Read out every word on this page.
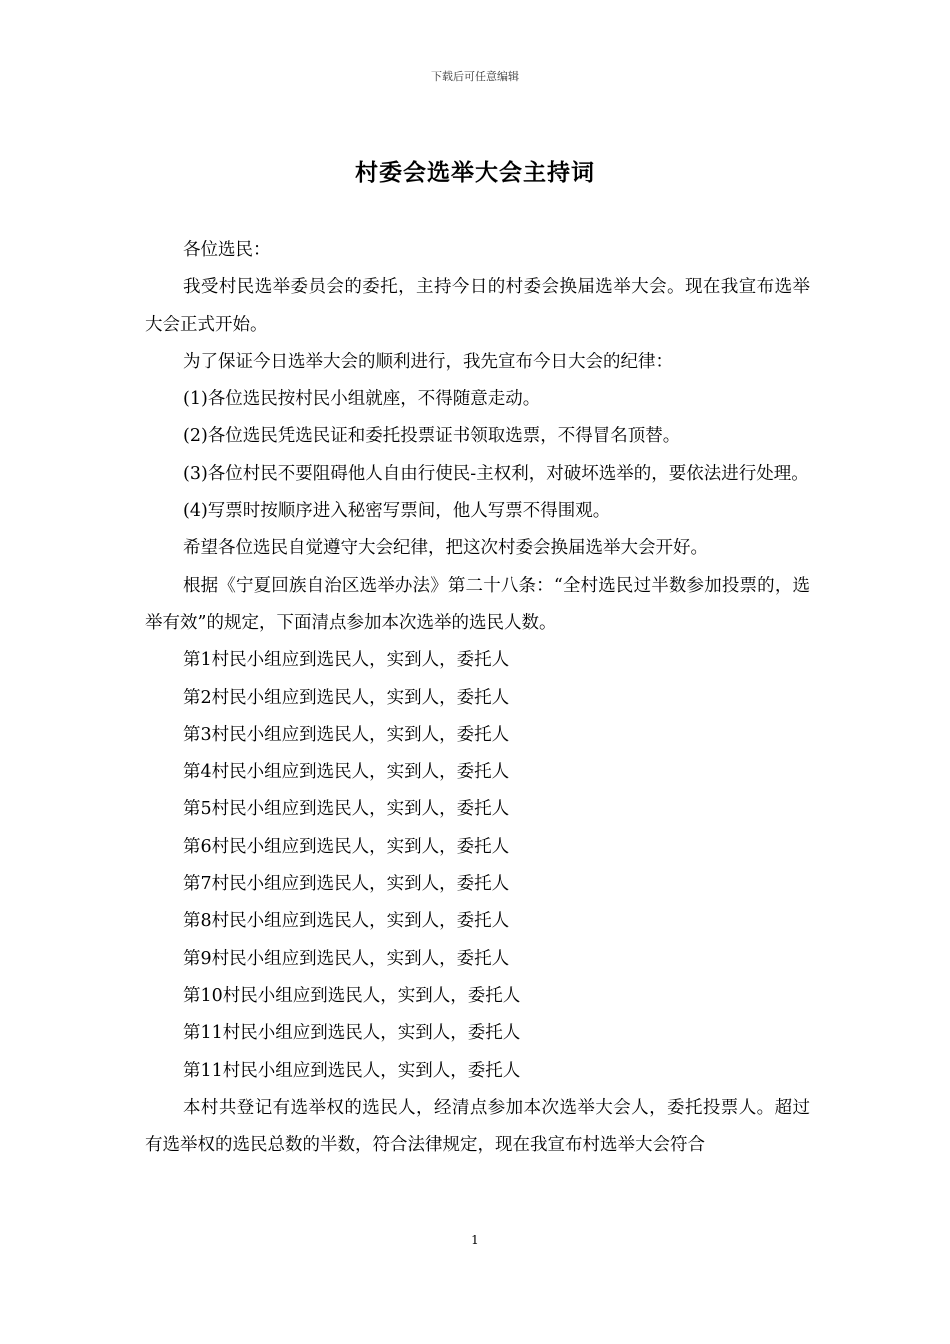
下载后可任意编辑
村委会选举大会主持词

各位选民：

我受村民选举委员会的委托，主持今日的村委会换届选举大会。现在我宣布选举大会正式开始。

为了保证今日选举大会的顺利进行，我先宣布今日大会的纪律：

(1)各位选民按村民小组就座，不得随意走动。

(2)各位选民凭选民证和委托投票证书领取选票，不得冒名顶替。

(3)各位村民不要阻碍他人自由行使民-主权利，对破坏选举的，要依法进行处理。

(4)写票时按顺序进入秘密写票间，他人写票不得围观。

希望各位选民自觉遵守大会纪律，把这次村委会换届选举大会开好。

根据《宁夏回族自治区选举办法》第二十八条：“全村选民过半数参加投票的，选举有效”的规定，下面清点参加本次选举的选民人数。

第1村民小组应到选民人，实到人，委托人

第2村民小组应到选民人，实到人，委托人

第3村民小组应到选民人，实到人，委托人

第4村民小组应到选民人，实到人，委托人

第5村民小组应到选民人，实到人，委托人

第6村民小组应到选民人，实到人，委托人

第7村民小组应到选民人，实到人，委托人

第8村民小组应到选民人，实到人，委托人

第9村民小组应到选民人，实到人，委托人

第10村民小组应到选民人，实到人，委托人

第11村民小组应到选民人，实到人，委托人

第11村民小组应到选民人，实到人，委托人

本村共登记有选举权的选民人，经清点参加本次选举大会人，委托投票人。超过有选举权的选民总数的半数，符合法律规定，现在我宣布村选举大会符合

1
